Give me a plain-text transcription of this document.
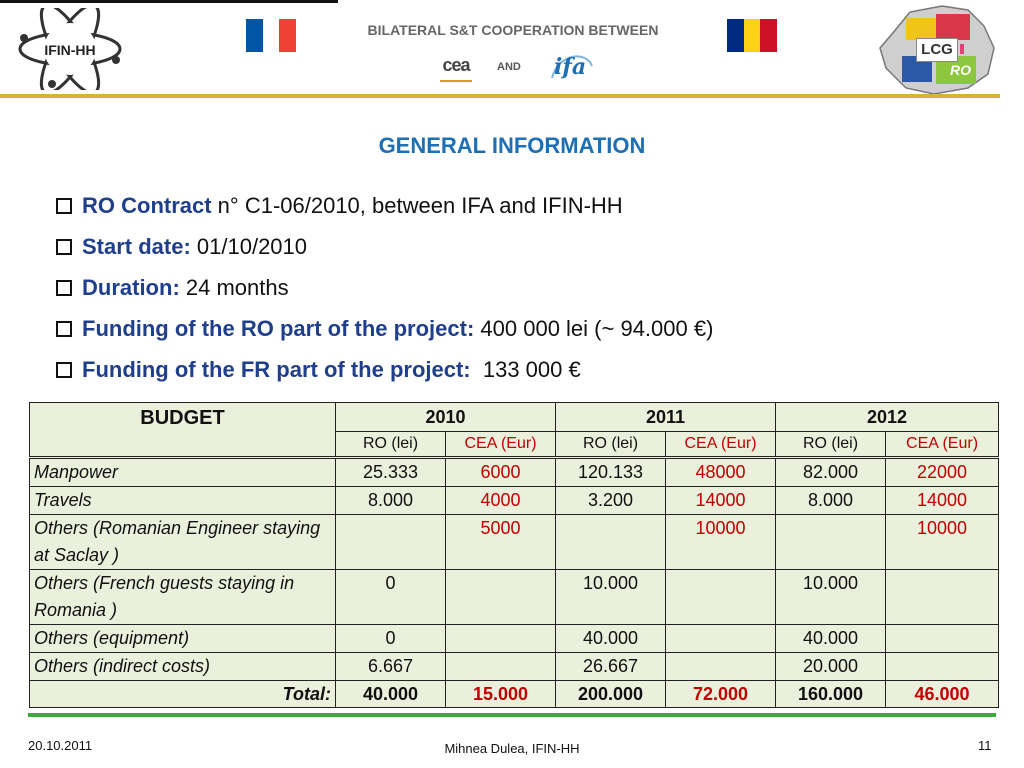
IFIN-HH
BILATERAL S&T COOPERATION BETWEEN
cea	AND ifa
LCG
RO
GENERAL INFORMATION
RO Contract n° C1-06/2010, between IFA and IFIN-HH
Start date: 01/10/2010
Duration: 24 months
Funding of the RO part of the project: 400 000 lei (~ 94.000 €)
Funding of the FR part of the project:  133 000 €
BUDGET	2010		2011		2012	
	RO (lei)	CEA (Eur)	RO (lei)	CEA (Eur)	RO (lei)	CEA (Eur)
Manpower	25.333	6000	120.133	48000	82.000	22000
Travels	8.000	4000	3.200	14000	8.000	14000
Others (Romanian Engineer staying at Saclay )		5000		10000		10000
Others (French guests staying in Romania )	0		10.000		10.000	
Others (equipment)	0		40.000		40.000	
Others (indirect costs)	6.667		26.667		20.000	
Total:	40.000	15.000	200.000	72.000	160.000	46.000
20.10.2011	Mihnea Dulea, IFIN-HH	11
